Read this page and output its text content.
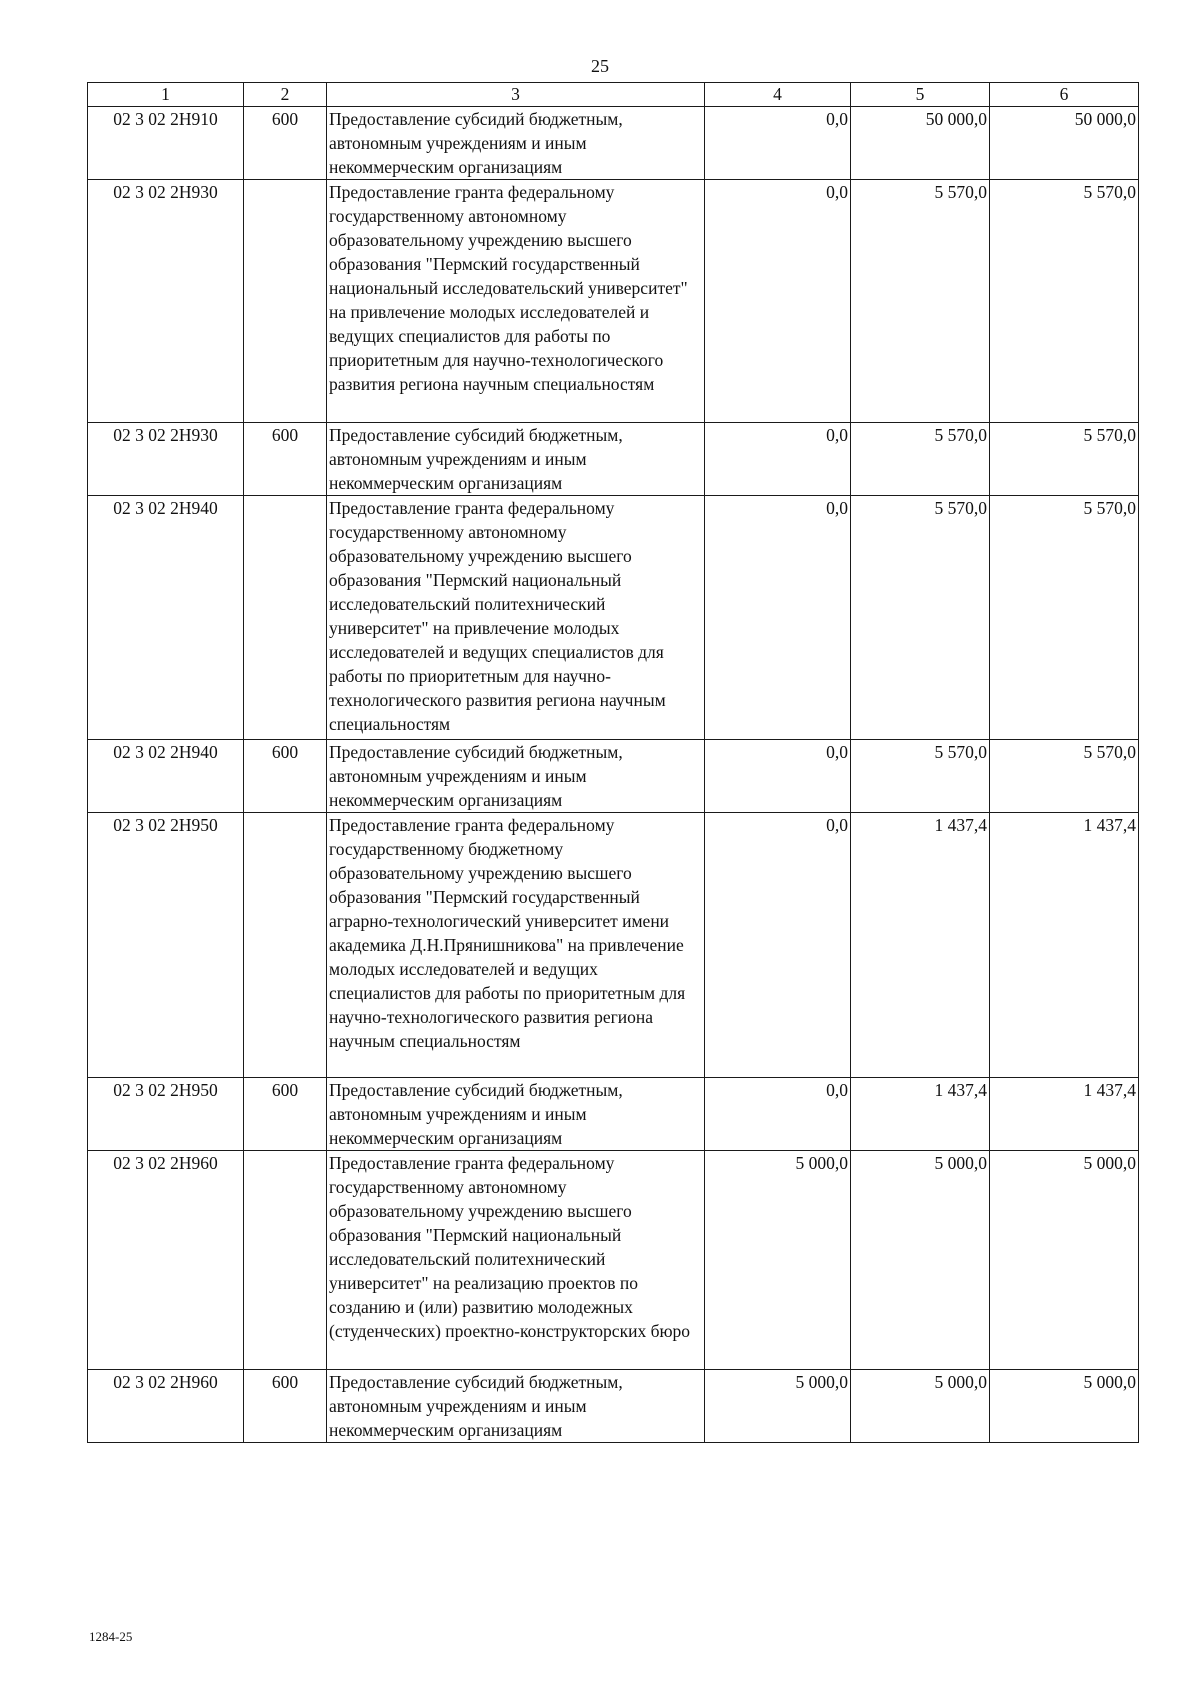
25
1	2	3	4	5	6
02 3 02 2Н910	600	Предоставление субсидий бюджетным, автономным учреждениям и иным некоммерческим организациям	0,0	50 000,0	50 000,0
02 3 02 2Н930		Предоставление гранта федеральному государственному автономному образовательному учреждению высшего образования "Пермский государственный национальный исследовательский университет" на привлечение молодых исследователей и ведущих специалистов для работы по приоритетным для научно-технологического развития региона научным специальностям	0,0	5 570,0	5 570,0
02 3 02 2Н930	600	Предоставление субсидий бюджетным, автономным учреждениям и иным некоммерческим организациям	0,0	5 570,0	5 570,0
02 3 02 2Н940		Предоставление гранта федеральному государственному автономному образовательному учреждению высшего образования "Пермский национальный исследовательский политехнический университет" на привлечение молодых исследователей и ведущих специалистов для работы по приоритетным для научно-технологического развития региона научным специальностям	0,0	5 570,0	5 570,0
02 3 02 2Н940	600	Предоставление субсидий бюджетным, автономным учреждениям и иным некоммерческим организациям	0,0	5 570,0	5 570,0
02 3 02 2Н950		Предоставление гранта федеральному государственному бюджетному образовательному учреждению высшего образования "Пермский государственный аграрно-технологический университет имени академика Д.Н.Прянишникова" на привлечение молодых исследователей и ведущих специалистов для работы по приоритетным для научно-технологического развития региона научным специальностям	0,0	1 437,4	1 437,4
02 3 02 2Н950	600	Предоставление субсидий бюджетным, автономным учреждениям и иным некоммерческим организациям	0,0	1 437,4	1 437,4
02 3 02 2Н960		Предоставление гранта федеральному государственному автономному образовательному учреждению высшего образования "Пермский национальный исследовательский политехнический университет" на реализацию проектов по созданию и (или) развитию молодежных (студенческих) проектно-конструкторских бюро	5 000,0	5 000,0	5 000,0
02 3 02 2Н960	600	Предоставление субсидий бюджетным, автономным учреждениям и иным некоммерческим организациям	5 000,0	5 000,0	5 000,0
1284-25
